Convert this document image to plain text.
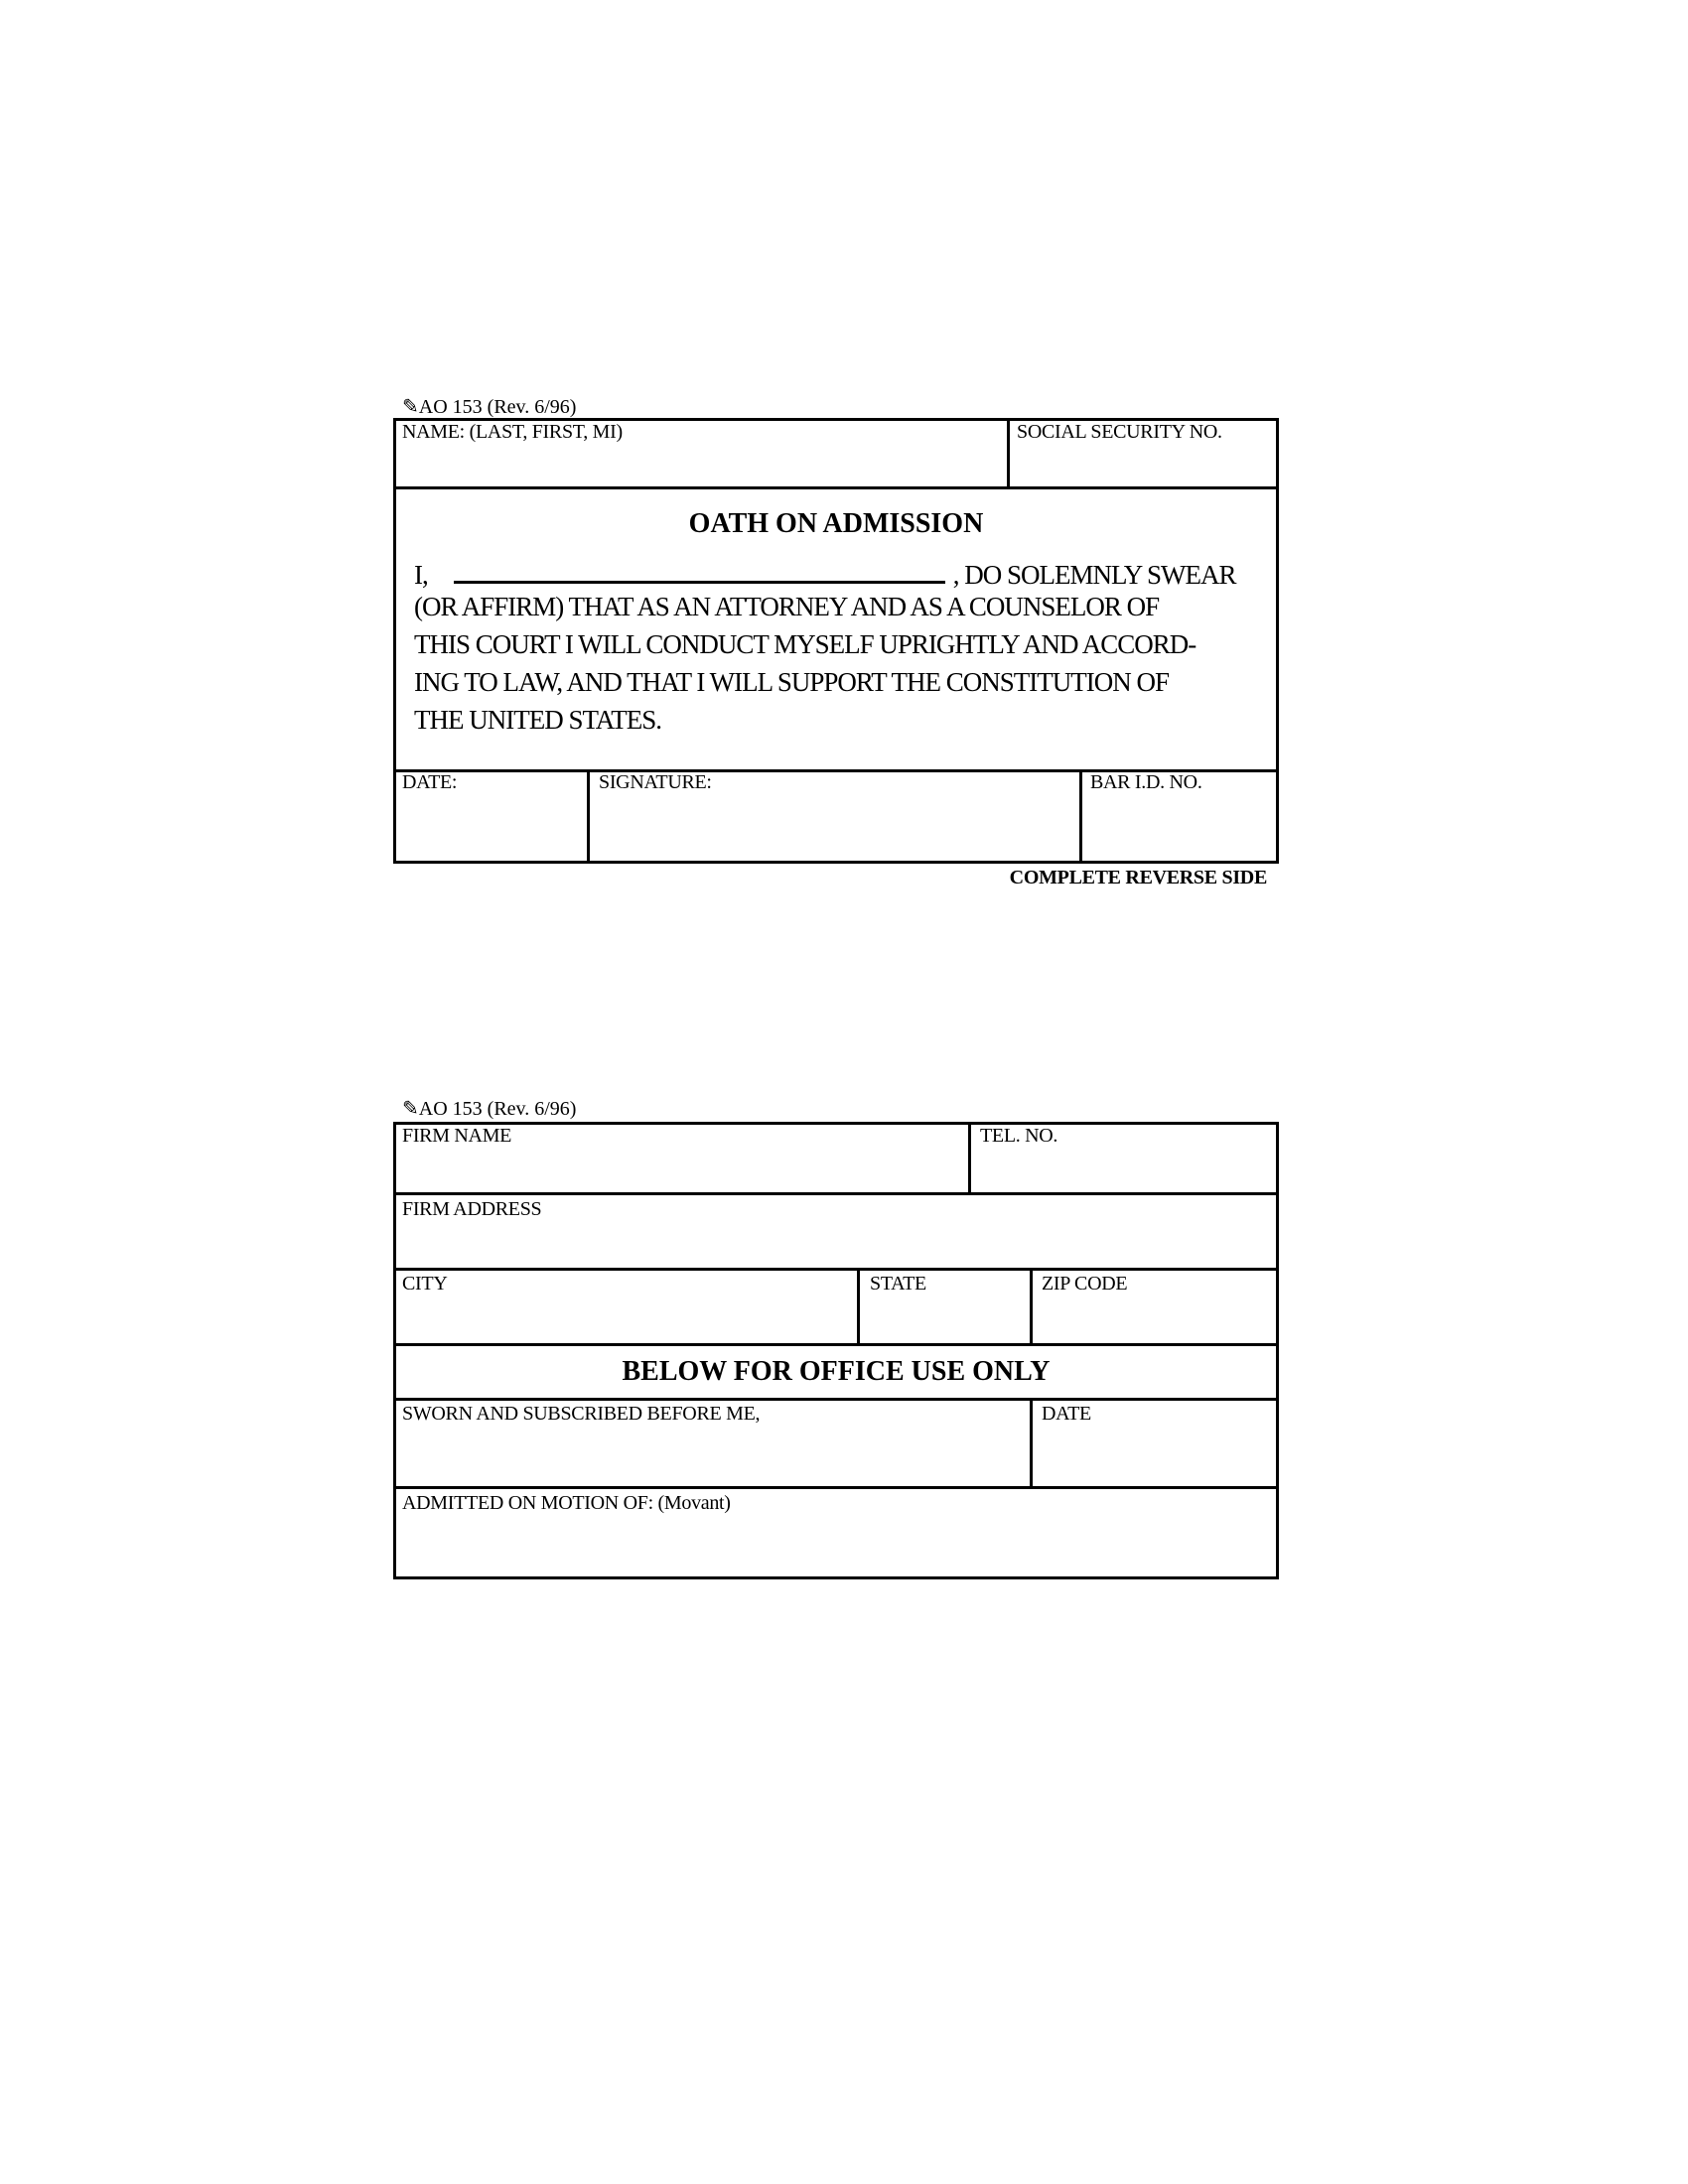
✎AO 153 (Rev. 6/96)
NAME: (LAST, FIRST, MI)	SOCIAL SECURITY NO.
OATH ON ADMISSION
I,	, DO SOLEMNLY SWEAR
(OR AFFIRM) THAT AS AN ATTORNEY AND AS A COUNSELOR OF
THIS COURT I WILL CONDUCT MYSELF UPRIGHTLY AND ACCORD-
ING TO LAW, AND THAT I WILL SUPPORT THE CONSTITUTION OF
THE UNITED STATES.
DATE:	SIGNATURE:	BAR I.D. NO.
COMPLETE REVERSE SIDE
✎AO 153 (Rev. 6/96)
FIRM NAME	TEL. NO.
FIRM ADDRESS
CITY	STATE	ZIP CODE
BELOW FOR OFFICE USE ONLY
SWORN AND SUBSCRIBED BEFORE ME,	DATE
ADMITTED ON MOTION OF: (Movant)
